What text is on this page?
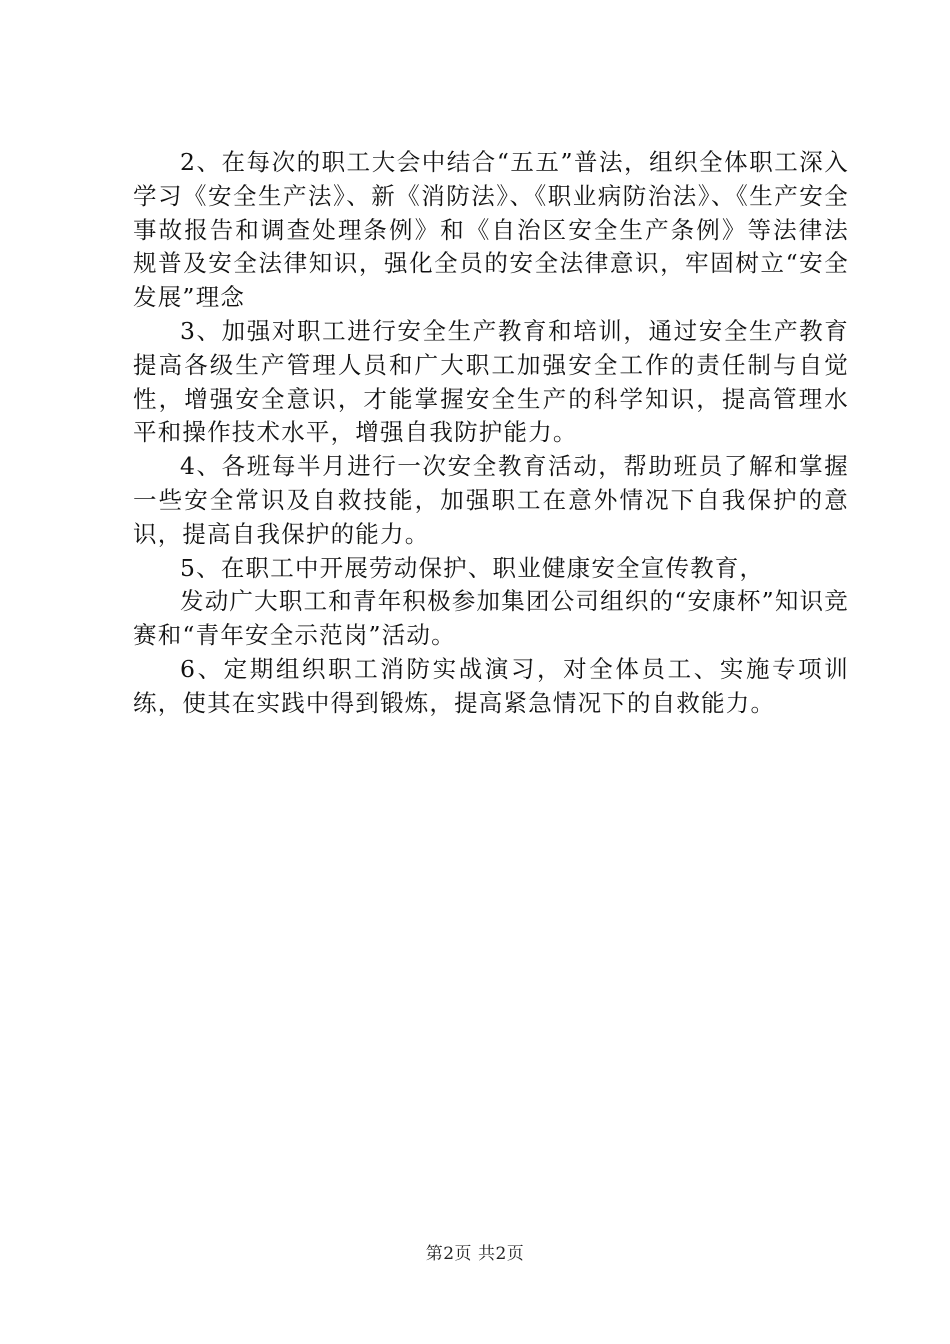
2、在每次的职工大会中结合“五五”普法，组织全体职工深入学习《安全生产法》、新《消防法》、《职业病防治法》、《生产安全事故报告和调查处理条例》和《自治区安全生产条例》等法律法规普及安全法律知识，强化全员的安全法律意识，牢固树立“安全发展”理念

3、加强对职工进行安全生产教育和培训，通过安全生产教育提高各级生产管理人员和广大职工加强安全工作的责任制与自觉性，增强安全意识，才能掌握安全生产的科学知识，提高管理水平和操作技术水平，增强自我防护能力。

4、各班每半月进行一次安全教育活动，帮助班员了解和掌握一些安全常识及自救技能，加强职工在意外情况下自我保护的意识，提高自我保护的能力。

5、在职工中开展劳动保护、职业健康安全宣传教育，

发动广大职工和青年积极参加集团公司组织的“安康杯”知识竞赛和“青年安全示范岗”活动。

6、定期组织职工消防实战演习，对全体员工、实施专项训练，使其在实践中得到锻炼，提高紧急情况下的自救能力。

第2页 共2页
